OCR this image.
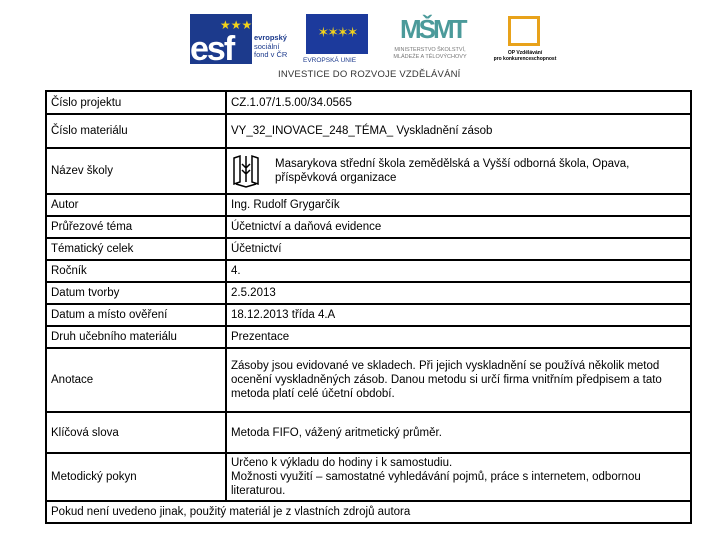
esf
★★★
evropský
sociální
fond v ČR
✶✶✶✶
EVROPSKÁ UNIE
MŠMT
MINISTERSTVO ŠKOLSTVÍ,
MLÁDEŽE A TĚLOVÝCHOVY
OP Vzdělávání
pro konkurenceschopnost
INVESTICE DO ROZVOJE VZDĚLÁVÁNÍ
Číslo projektu	CZ.1.07/1.5.00/34.0565
Číslo materiálu	VY_32_INOVACE_248_TÉMA_ Vyskladnění zásob
Název školy	Masarykova střední škola zemědělská a Vyšší odborná škola, Opava, příspěvková organizace

Autor	Ing. Rudolf Grygarčík
Průřezové téma	Účetnictví a daňová evidence
Tématický celek	Účetnictví
Ročník	4.
Datum tvorby	2.5.2013
Datum a místo ověření	18.12.2013 třída 4.A
Druh učebního materiálu	Prezentace
Anotace	Zásoby jsou evidované ve skladech. Při jejich vyskladnění se používá několik metod ocenění vyskladněných zásob. Danou metodu si určí firma vnitřním předpisem a tato metoda platí celé účetní období.
Klíčová slova	Metoda FIFO, vážený aritmetický průměr.
Metodický pokyn	Určeno k výkladu do hodiny i k samostudiu.
Možnosti využití – samostatné vyhledávání pojmů, práce s internetem, odbornou literaturou.

Pokud není uvedeno jinak, použitý materiál je z vlastních zdrojů autora	
